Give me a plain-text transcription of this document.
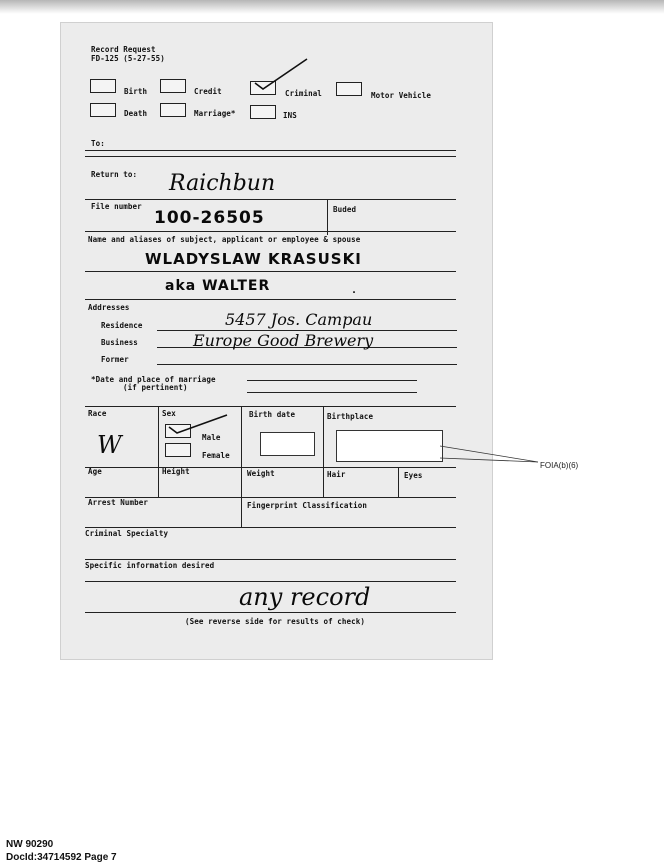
Record Request
FD-125 (5-27-55)
Birth	Credit	Criminal	Motor Vehicle
Death	Marriage*	INS
To:
Return to: Raichbun
File number	Buded
100-26505
Name and aliases of subject, applicant or employee & spouse
WLADYSLAW KRASUSKI
aka WALTER	.
Addresses
Residence	5457 Jos. Campau
Business	Europe Good Brewery
Former
*Date and place of marriage
(if pertinent)
Race	Sex	Birth date	Birthplace
W	Male
Female
Age	Height	Weight	Hair	Eyes
Arrest Number	Fingerprint Classification
Criminal Specialty
Specific information desired
any record
(See reverse side for results of check)
FOIA(b)(6)
NW 90290
DocId:34714592 Page 7
